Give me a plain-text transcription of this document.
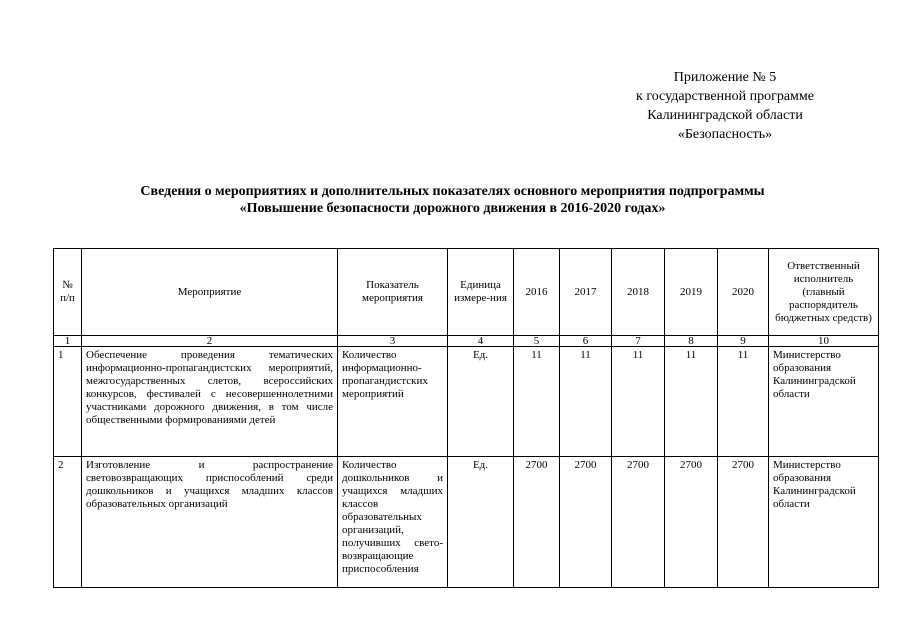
Приложение № 5
к государственной программе
Калининградской области
«Безопасность»
Сведения о мероприятиях и дополнительных показателях основного мероприятия подпрограммы
«Повышение безопасности дорожного движения в 2016-2020 годах»
№ п/п	Мероприятие	Показатель мероприятия	Единица измере-ния	2016	2017	2018	2019	2020	Ответственный исполнитель (главный распорядитель бюджетных средств)
1	2	3	4	5	6	7	8	9	10
1	Обеспечение проведения тематических информационно-пропагандистских мероприятий, межгосударственных слетов, всероссийских конкурсов, фестивалей с несовершеннолетними участниками дорожного движения, в том числе общественными формированиями детей	Количество информационно-пропагандистских мероприятий	Ед.	11	11	11	11	11	Министерство образования Калининградской области
2	Изготовление и распространение световозвращающих приспособлений среди дошкольников и учащихся младших классов образовательных организаций	Количество дошкольников и учащихся младших классов образовательных организаций, получивших свето-возвращающие приспособления	Ед.	2700	2700	2700	2700	2700	Министерство образования Калининградской области
